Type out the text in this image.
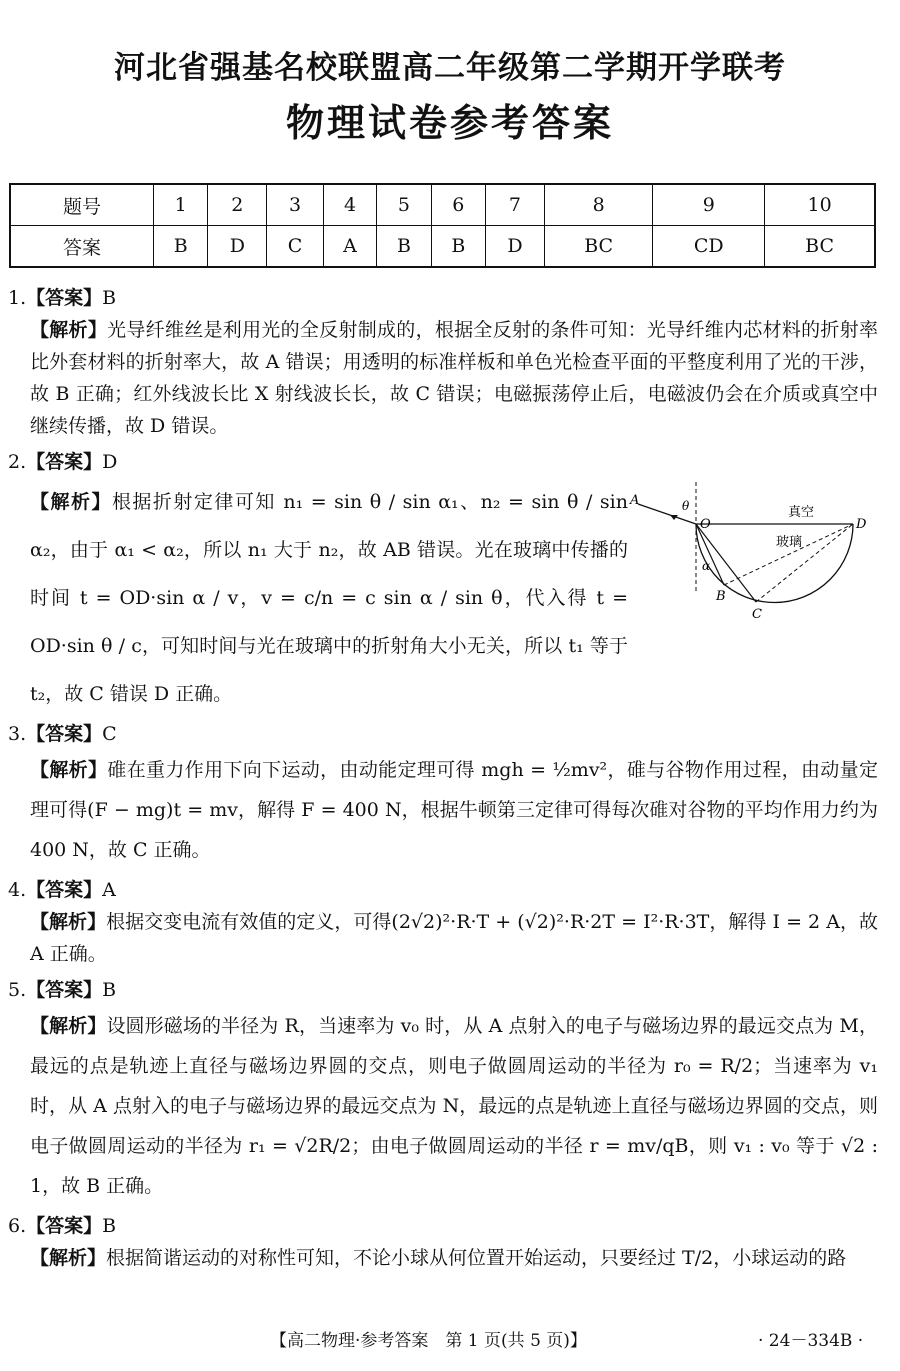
河北省强基名校联盟高二年级第二学期开学联考
物理试卷参考答案
题号	1	2	3	4	5	6	7	8	9	10
答案	B	D	C	A	B	B	D	BC	CD	BC
1. 【答案】 B
【解析】光导纤维丝是利用光的全反射制成的，根据全反射的条件可知：光导纤维内芯材料的折射率比外套材料的折射率大，故 A 错误；用透明的标准样板和单色光检查平面的平整度利用了光的干涉，故 B 正确；红外线波长比 X 射线波长长，故 C 错误；电磁振荡停止后，电磁波仍会在介质或真空中继续传播，故 D 错误。
2. 【答案】 D
【解析】根据折射定律可知 n₁ = sin θ / sin α₁、n₂ = sin θ / sin α₂，由于 α₁ < α₂，所以 n₁ 大于 n₂，故 AB 错误。光在玻璃中传播的时间 t = OD·sin α / v，v = c/n = c sin α / sin θ，代入得 t = OD·sin θ / c，可知时间与光在玻璃中的折射角大小无关，所以 t₁ 等于 t₂，故 C 错误 D 正确。
A	θ
O	D
真空
玻璃
α
B
C
3. 【答案】 C
【解析】碓在重力作用下向下运动，由动能定理可得 mgh = ½mv²，碓与谷物作用过程，由动量定理可得(F − mg)t = mv，解得 F = 400 N，根据牛顿第三定律可得每次碓对谷物的平均作用力约为 400 N，故 C 正确。
4. 【答案】 A
【解析】根据交变电流有效值的定义，可得(2√2)²·R·T + (√2)²·R·2T = I²·R·3T，解得 I = 2 A，故 A 正确。
5. 【答案】 B
【解析】设圆形磁场的半径为 R，当速率为 v₀ 时，从 A 点射入的电子与磁场边界的最远交点为 M，最远的点是轨迹上直径与磁场边界圆的交点，则电子做圆周运动的半径为 r₀ = R/2；当速率为 v₁ 时，从 A 点射入的电子与磁场边界的最远交点为 N，最远的点是轨迹上直径与磁场边界圆的交点，则电子做圆周运动的半径为 r₁ = √2R/2；由电子做圆周运动的半径 r = mv/qB，则 v₁ : v₀ 等于 √2 : 1，故 B 正确。
6. 【答案】 B
【解析】根据简谐运动的对称性可知，不论小球从何位置开始运动，只要经过 T/2，小球运动的路
【高二物理·参考答案　第 1 页(共 5 页)】	· 24－334B ·
